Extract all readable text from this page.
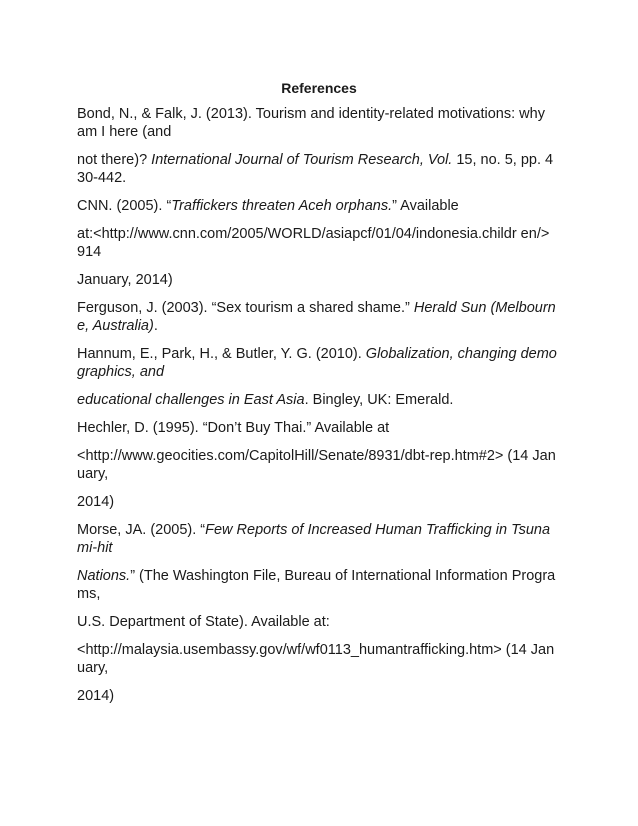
References
Bond, N., & Falk, J. (2013). Tourism and identity-related motivations: why am I here (and
not there)? International Journal of Tourism Research, Vol. 15, no. 5, pp. 430-442.
CNN. (2005). “Traffickers threaten Aceh orphans.” Available
at:<http://www.cnn.com/2005/WORLD/asiapcf/01/04/indonesia.childr en/> 914
January, 2014)
Ferguson, J. (2003). “Sex tourism a shared shame.” Herald Sun (Melbourne, Australia).
Hannum, E., Park, H., & Butler, Y. G. (2010). Globalization, changing demographics, and
educational challenges in East Asia. Bingley, UK: Emerald.
Hechler, D. (1995). “Don’t Buy Thai.” Available at
<http://www.geocities.com/CapitolHill/Senate/8931/dbt-rep.htm#2> (14 January,
2014)
Morse, JA. (2005). “Few Reports of Increased Human Trafficking in Tsunami-hit
Nations.” (The Washington File, Bureau of International Information Programs,
U.S. Department of State). Available at:
<http://malaysia.usembassy.gov/wf/wf0113_humantrafficking.htm> (14 January,
2014)
